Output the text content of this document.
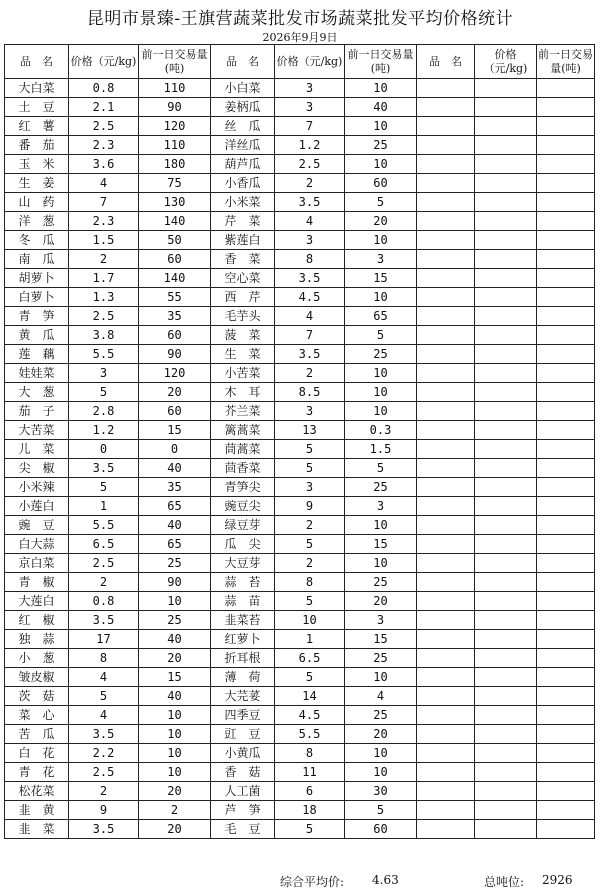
昆明市景臻-王旗营蔬菜批发市场蔬菜批发平均价格统计
2026年9月9日
品　名	价格（元/kg)	前一日交易量(吨)	品　名	价格（元/kg)	前一日交易量(吨)	品　名	价格（元/kg)	前一日交易量(吨)
大白菜	0.8	110	小白菜	3	10			
土　豆	2.1	90	姜柄瓜	3	40			
红　薯	2.5	120	丝　瓜	7	10			
番　茄	2.3	110	洋丝瓜	1.2	25			
玉　米	3.6	180	葫芦瓜	2.5	10			
生　姜	4	75	小香瓜	2	60			
山　药	7	130	小米菜	3.5	5			
洋　葱	2.3	140	芹　菜	4	20			
冬　瓜	1.5	50	紫莲白	3	10			
南　瓜	2	60	香　菜	8	3			
胡萝卜	1.7	140	空心菜	3.5	15			
白萝卜	1.3	55	西　芹	4.5	10			
青　笋	2.5	35	毛芋头	4	65			
黄　瓜	3.8	60	菠　菜	7	5			
莲　藕	5.5	90	生　菜	3.5	25			
娃娃菜	3	120	小苦菜	2	10			
大　葱	5	20	木　耳	8.5	10			
茄　子	2.8	60	芥兰菜	3	10			
大苦菜	1.2	15	篱蒿菜	13	0.3			
儿　菜	0	0	茼蒿菜	5	1.5			
尖　椒	3.5	40	茴香菜	5	5			
小米辣	5	35	青笋尖	3	25			
小莲白	1	65	豌豆尖	9	3			
豌　豆	5.5	40	绿豆芽	2	10			
白大蒜	6.5	65	瓜　尖	5	15			
京白菜	2.5	25	大豆芽	2	10			
青　椒	2	90	蒜　苔	8	25			
大莲白	0.8	10	蒜　苗	5	20			
红　椒	3.5	25	韭菜苔	10	3			
独　蒜	17	40	红萝卜	1	15			
小　葱	8	20	折耳根	6.5	25			
皱皮椒	4	15	薄　荷	5	10			
茨　菇	5	40	大芫荽	14	4			
菜　心	4	10	四季豆	4.5	25			
苦　瓜	3.5	10	豇　豆	5.5	20			
白　花	2.2	10	小黄瓜	8	10			
青　花	2.5	10	香　菇	11	10			
松花菜	2	20	人工菌	6	30			
韭　黄	9	2	芦　笋	18	5			
韭　菜	3.5	20	毛　豆	5	60			
综合平均价: 4.63	总吨位: 2926
